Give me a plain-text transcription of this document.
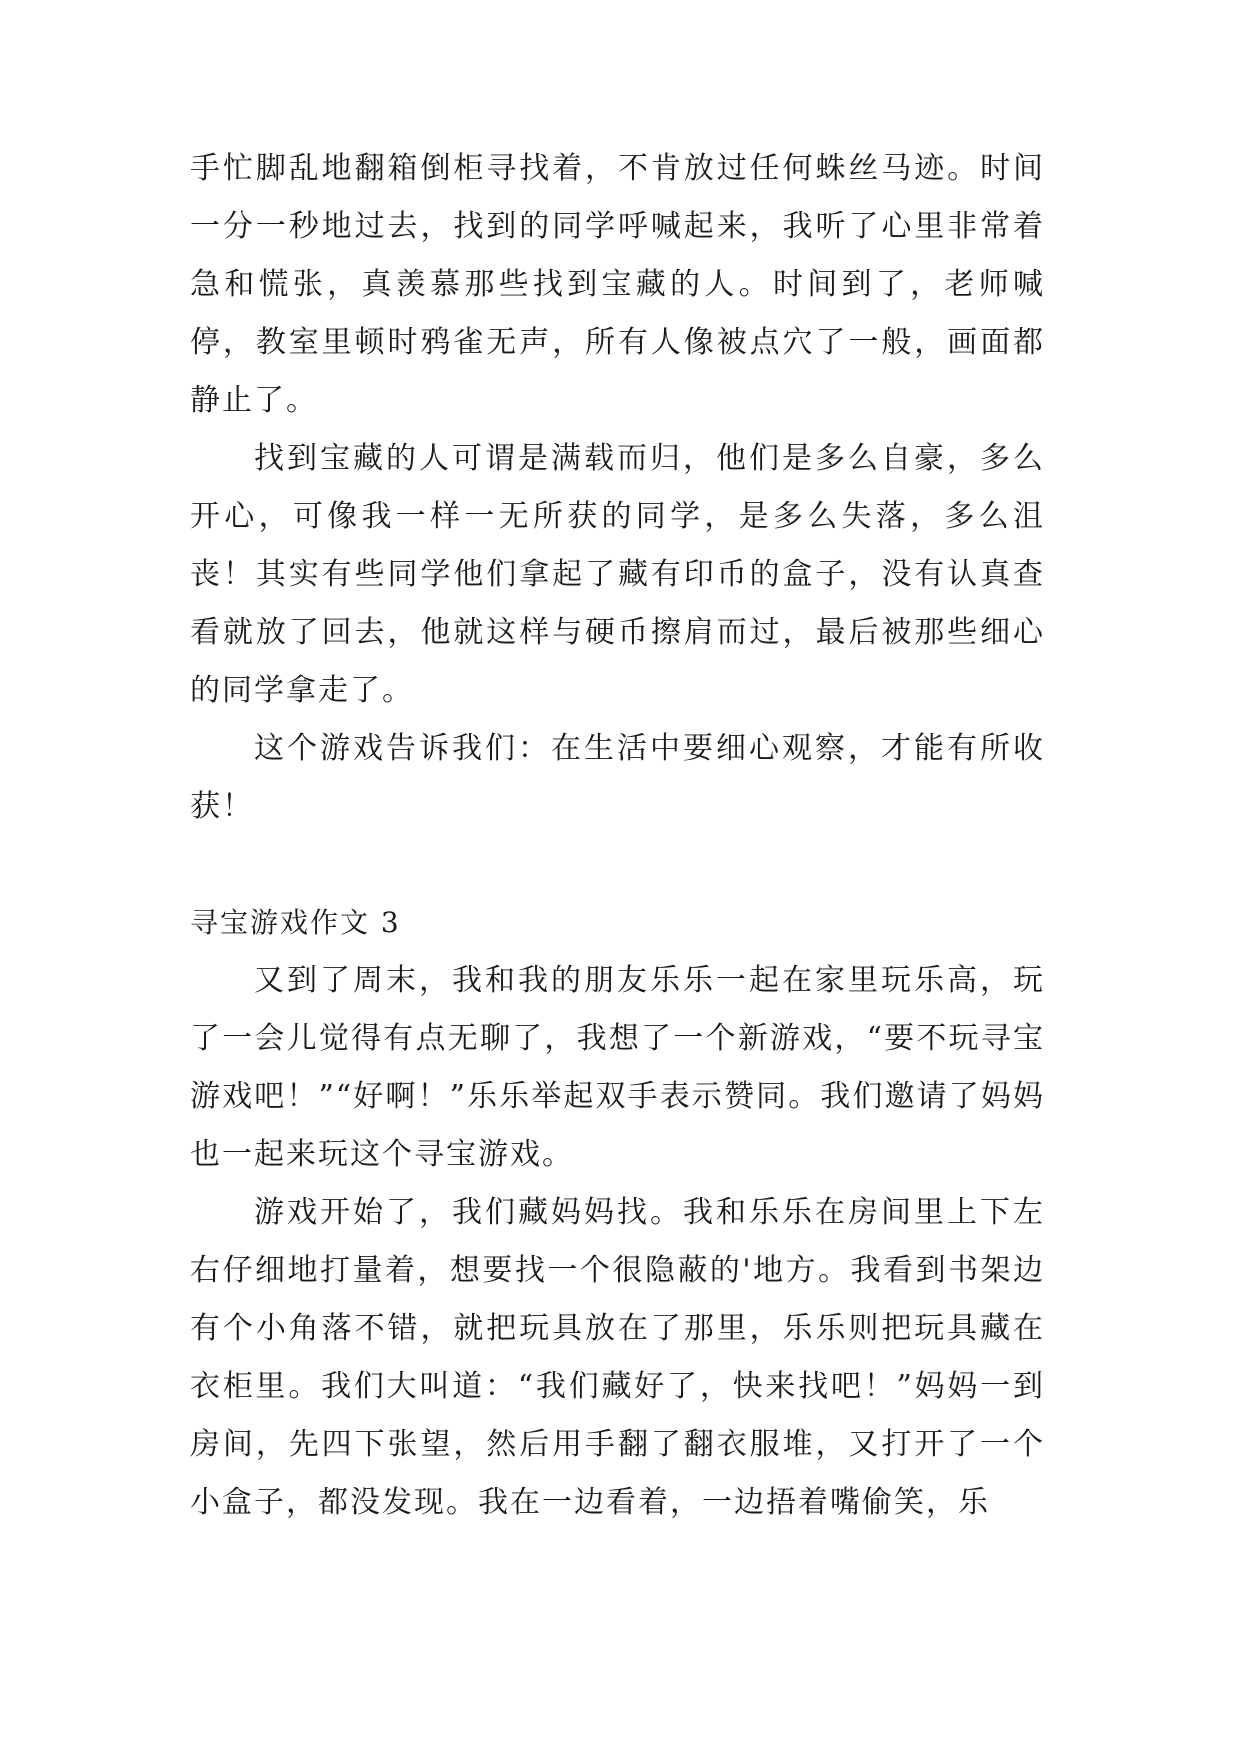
手忙脚乱地翻箱倒柜寻找着，不肯放过任何蛛丝马迹。时间一分一秒地过去，找到的同学呼喊起来，我听了心里非常着急和慌张，真羡慕那些找到宝藏的人。时间到了，老师喊停，教室里顿时鸦雀无声，所有人像被点穴了一般，画面都静止了。

找到宝藏的人可谓是满载而归，他们是多么自豪，多么开心，可像我一样一无所获的同学，是多么失落，多么沮丧！其实有些同学他们拿起了藏有印币的盒子，没有认真查看就放了回去，他就这样与硬币擦肩而过，最后被那些细心的同学拿走了。

这个游戏告诉我们：在生活中要细心观察，才能有所收获！

寻宝游戏作文 3

又到了周末，我和我的朋友乐乐一起在家里玩乐高，玩了一会儿觉得有点无聊了，我想了一个新游戏，“要不玩寻宝游戏吧！”“好啊！”乐乐举起双手表示赞同。我们邀请了妈妈也一起来玩这个寻宝游戏。

游戏开始了，我们藏妈妈找。我和乐乐在房间里上下左右仔细地打量着，想要找一个很隐蔽的'地方。我看到书架边有个小角落不错，就把玩具放在了那里，乐乐则把玩具藏在衣柜里。我们大叫道：“我们藏好了，快来找吧！”妈妈一到房间，先四下张望，然后用手翻了翻衣服堆，又打开了一个小盒子，都没发现。我在一边看着，一边捂着嘴偷笑，乐
